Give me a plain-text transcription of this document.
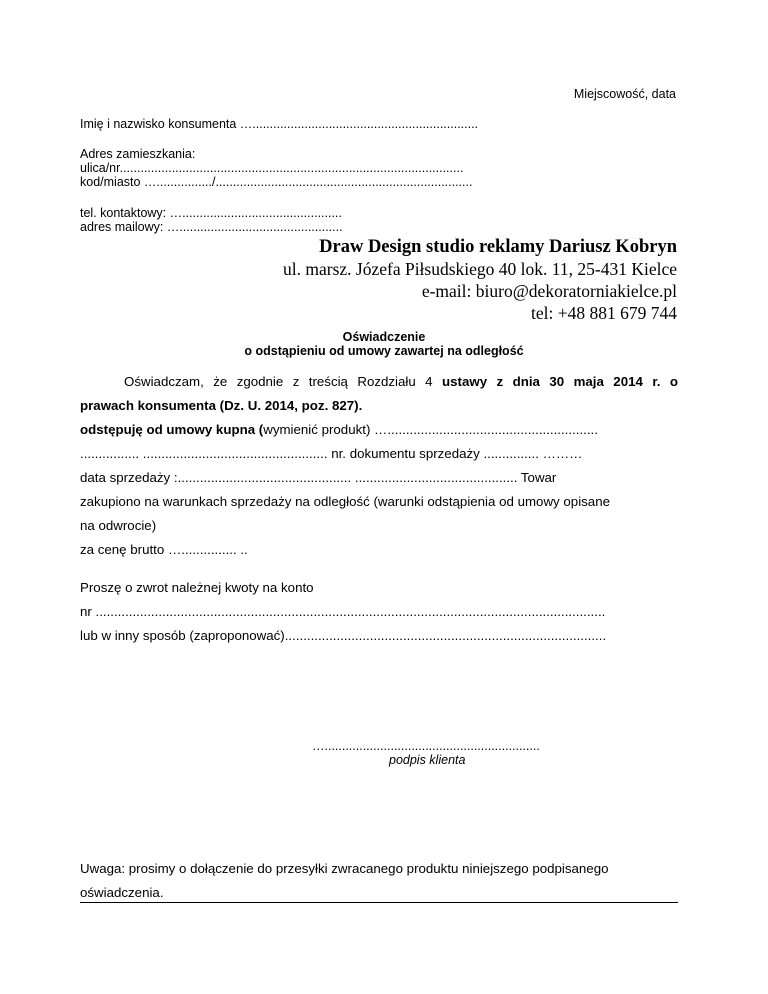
Miejscowość, data
Imię i nazwisko konsumenta ….................................................................
Adres zamieszkania:
ulica/nr...................................................................................................
kod/miasto …................/..........................................................................
tel. kontaktowy: …..............................................
adres mailowy: …...............................................
Draw Design studio reklamy Dariusz Kobryn
ul. marsz. Józefa Piłsudskiego 40 lok. 11, 25-431 Kielce
e-mail: biuro@dekoratorniakielce.pl
tel: +48 881 679 744
Oświadczenie
o odstąpieniu od umowy zawartej na odległość
Oświadczam, że zgodnie z treścią Rozdziału 4 ustawy z dnia 30 maja 2014 r. o
prawach konsumenta (Dz. U. 2014, poz. 827).
odstępuję od umowy kupna (wymienić produkt) ….........................................................
................ .................................................. nr. dokumentu sprzedaży ............... ………
data sprzedaży :............................................... ............................................ Towar
zakupiono na warunkach sprzedaży na odległość (warunki odstąpienia od umowy opisane
na odwrocie)
za cenę brutto …............... ..
Proszę o zwrot należnej kwoty na konto
nr ..........................................................................................................................................
lub w inny sposób (zaproponować).......................................................................................
…..............................................................
podpis klienta
Uwaga: prosimy o dołączenie do przesyłki zwracanego produktu niniejszego podpisanego
oświadczenia.
